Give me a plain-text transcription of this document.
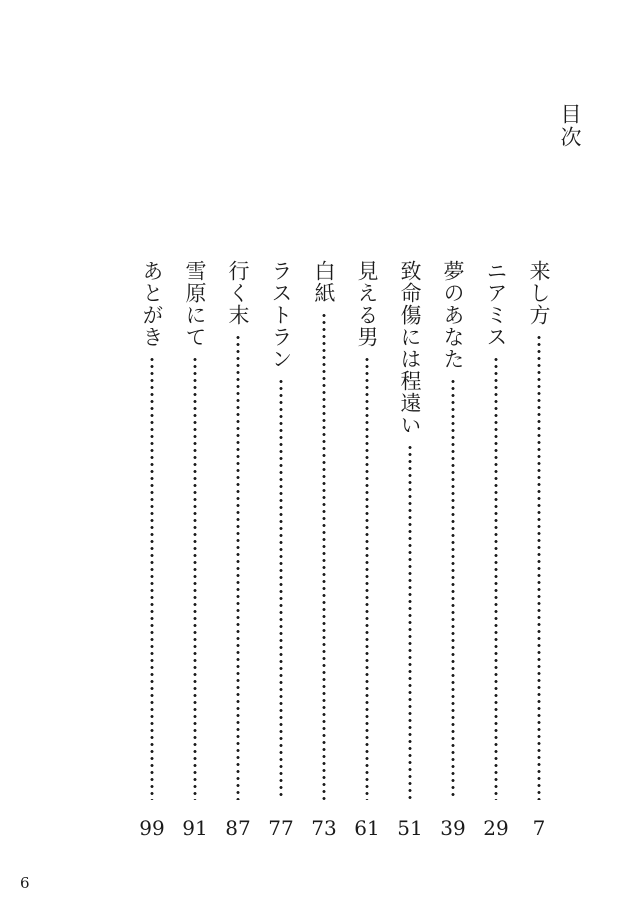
目次
来し方
7
ニアミス
29
夢のあなた
39
致命傷には程遠い
51
見える男
61
白紙
73
ラストラン
77
行く末
87
雪原にて
91
あとがき
99
6
